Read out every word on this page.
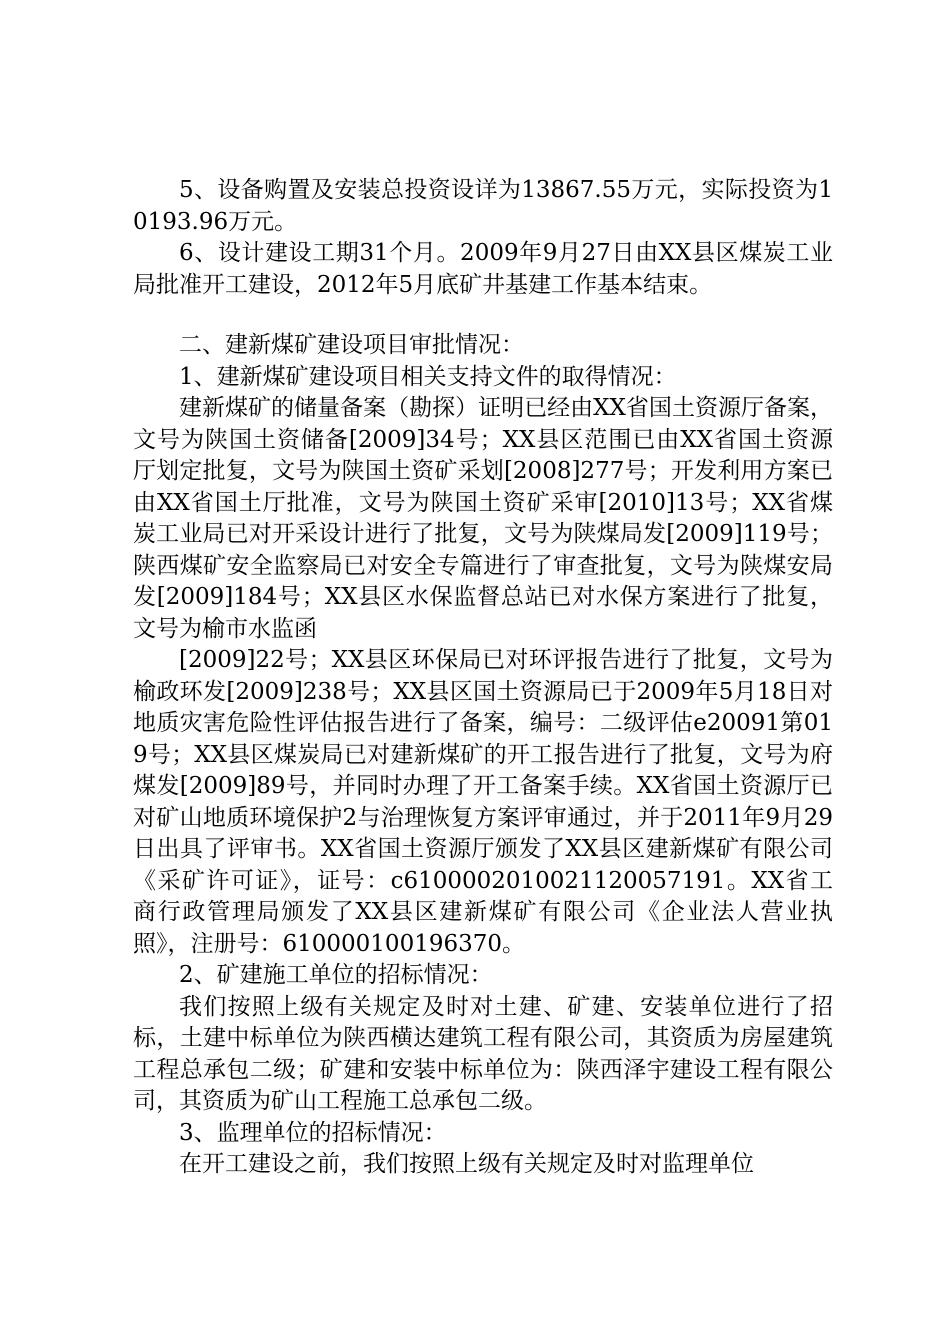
5、设备购置及安装总投资设详为13867.55万元，实际投资为10193.96万元。

6、设计建设工期31个月。2009年9月27日由XX县区煤炭工业局批准开工建设，2012年5月底矿井基建工作基本结束。

二、建新煤矿建设项目审批情况：

1、建新煤矿建设项目相关支持文件的取得情况：

建新煤矿的储量备案（勘探）证明已经由XX省国土资源厅备案，文号为陕国土资储备[2009]34号；XX县区范围已由XX省国土资源厅划定批复，文号为陕国土资矿采划[2008]277号；开发利用方案已由XX省国土厅批准，文号为陕国土资矿采审[2010]13号；XX省煤炭工业局已对开采设计进行了批复，文号为陕煤局发[2009]119号；陕西煤矿安全监察局已对安全专篇进行了审查批复，文号为陕煤安局发[2009]184号；XX县区水保监督总站已对水保方案进行了批复，文号为榆市水监函

[2009]22号；XX县区环保局已对环评报告进行了批复，文号为榆政环发[2009]238号；XX县区国土资源局已于2009年5月18日对地质灾害危险性评估报告进行了备案，编号：二级评估e20091第019号；XX县区煤炭局已对建新煤矿的开工报告进行了批复，文号为府煤发[2009]89号，并同时办理了开工备案手续。XX省国土资源厅已对矿山地质环境保护2与治理恢复方案评审通过，并于2011年9月29日出具了评审书。XX省国土资源厅颁发了XX县区建新煤矿有限公司《采矿许可证》，证号：c6100002010021120057191。XX省工商行政管理局颁发了XX县区建新煤矿有限公司《企业法人营业执照》，注册号：610000100196370。

2、矿建施工单位的招标情况：

我们按照上级有关规定及时对土建、矿建、安装单位进行了招标，土建中标单位为陕西横达建筑工程有限公司，其资质为房屋建筑工程总承包二级；矿建和安装中标单位为：陕西泽宇建设工程有限公司，其资质为矿山工程施工总承包二级。

3、监理单位的招标情况：

在开工建设之前，我们按照上级有关规定及时对监理单位
